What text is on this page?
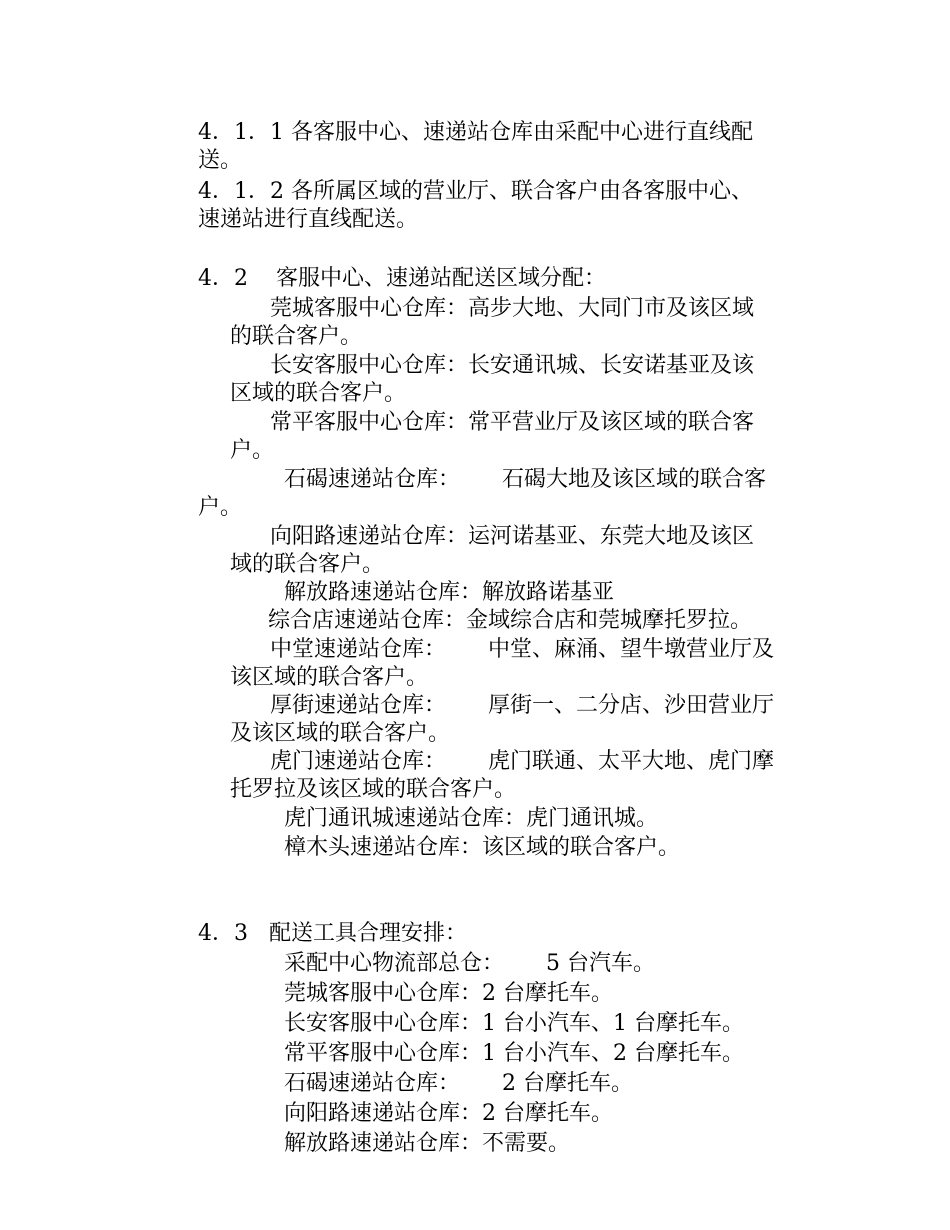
4．1．1 各客服中心、速递站仓库由采配中心进行直线配

送。

4．1．2 各所属区域的营业厅、联合客户由各客服中心、

速递站进行直线配送。

4．2    客服中心、速递站配送区域分配：

莞城客服中心仓库：高步大地、大同门市及该区域

的联合客户。

长安客服中心仓库：长安通讯城、长安诺基亚及该

区域的联合客户。

常平客服中心仓库：常平营业厅及该区域的联合客

户。

石碣速递站仓库：      石碣大地及该区域的联合客

户。

向阳路速递站仓库：运河诺基亚、东莞大地及该区

域的联合客户。

解放路速递站仓库：解放路诺基亚

综合店速递站仓库：金域综合店和莞城摩托罗拉。

中堂速递站仓库：      中堂、麻涌、望牛墩营业厅及

该区域的联合客户。

厚街速递站仓库：      厚街一、二分店、沙田营业厅

及该区域的联合客户。

虎门速递站仓库：      虎门联通、太平大地、虎门摩

托罗拉及该区域的联合客户。

虎门通讯城速递站仓库：虎门通讯城。

樟木头速递站仓库：该区域的联合客户。

4．3   配送工具合理安排：

采配中心物流部总仓：      5 台汽车。

莞城客服中心仓库：2 台摩托车。

长安客服中心仓库：1 台小汽车、1 台摩托车。

常平客服中心仓库：1 台小汽车、2 台摩托车。

石碣速递站仓库：      2 台摩托车。

向阳路速递站仓库：2 台摩托车。

解放路速递站仓库：不需要。
